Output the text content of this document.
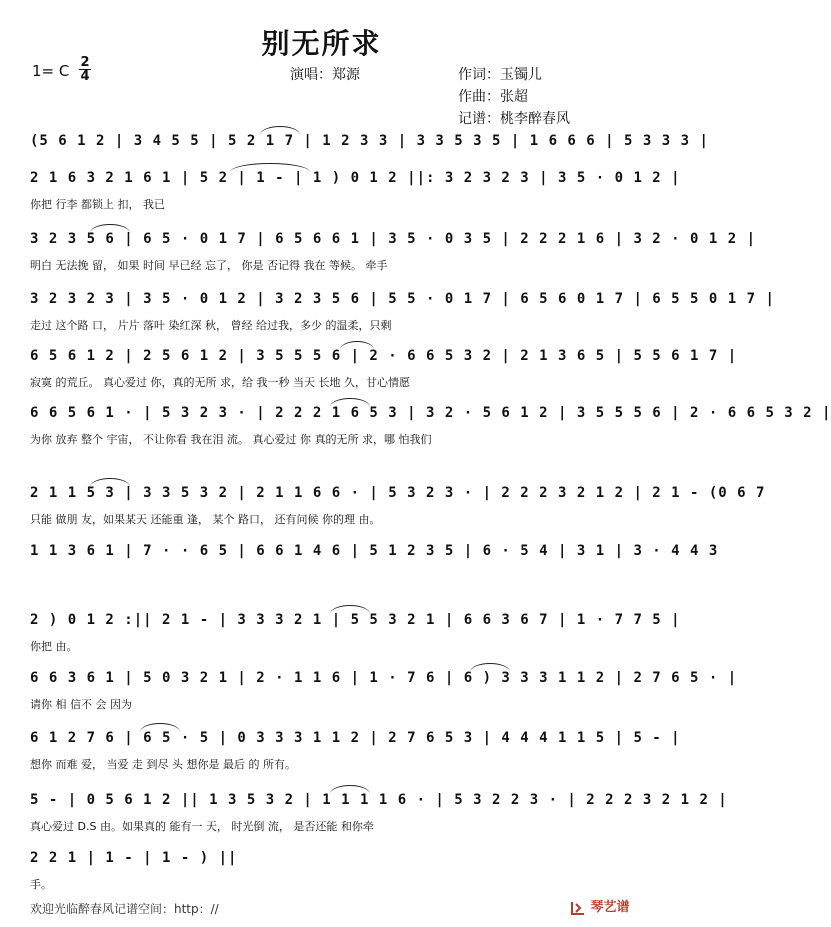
别无所求
1= C 2
4	演唱：郑源	作词：玉镯儿
作曲：张超
记谱：桃李醉春风
(5 6 1 2 | 3 4 5 5 | 5 2 1 7 | 1 2 3 3 | 3 3 5 3 5 | 1 6 6 6 | 5 3 3 3 |
2 1 6 3 2 1 6 1 | 5 2 | 1 - | 1 ) 0 1 2 ||: 3 2 3 2 3 | 3 5 · 0 1 2 |
你把 行李 都锁上 扣， 我已
3 2 3 5 6 | 6 5 · 0 1 7 | 6 5 6 6 1 | 3 5 · 0 3 5 | 2 2 2 1 6 | 3 2 · 0 1 2 |
明白 无法挽 留， 如果 时间 早已经 忘了， 你是 否记得 我在 等候。 牵手
3 2 3 2 3 | 3 5 · 0 1 2 | 3 2 3 5 6 | 5 5 · 0 1 7 | 6 5 6 0 1 7 | 6 5 5 0 1 7 |
走过 这个路 口， 片片 落叶 染红深 秋， 曾经 给过我，多少 的温柔，只剩
6 5 6 1 2 | 2 5 6 1 2 | 3 5 5 5 6 | 2 · 6 6 5 3 2 | 2 1 3 6 5 | 5 5 6 1 7 |
寂寞 的荒丘。 真心爱过 你，真的无所 求，给 我一秒 当天 长地 久，甘心情愿
6 6 5 6 1 · | 5 3 2 3 · | 2 2 2 1 6 5 3 | 3 2 · 5 6 1 2 | 3 5 5 5 6 | 2 · 6 6 5 3 2 |
为你 放弃 整个 宇宙， 不让你看 我在泪 流。 真心爱过 你 真的无所 求，哪 怕我们
2 1 1 5 3 | 3 3 5 3 2 | 2 1 1 6 6 · | 5 3 2 3 · | 2 2 2 3 2 1 2 | 2 1 - (0 6 7
只能 做朋 友，如果某天 还能重 逢， 某个 路口， 还有问候 你的理 由。
1 1 3 6 1 | 7 · · 6 5 | 6 6 1 4 6 | 5 1 2 3 5 | 6 · 5 4 | 3 1 | 3 · 4 4 3
2 ) 0 1 2 :|| 2 1 - | 3 3 3 2 1 | 5 5 3 2 1 | 6 6 3 6 7 | 1 · 7 7 5 |
你把 由。
6 6 3 6 1 | 5 0 3 2 1 | 2 · 1 1 6 | 1 · 7 6 | 6 ) 3 3 3 1 1 2 | 2 7 6 5 · |
请你 相 信不 会 因为
6 1 2 7 6 | 6 5 · 5 | 0 3 3 3 1 1 2 | 2 7 6 5 3 | 4 4 4 1 1 5 | 5 - |
想你 而难 爱， 当爱 走 到尽 头 想你是 最后 的 所有。
5 - | 0 5 6 1 2 || 1 3 5 3 2 | 1 1 1 1 6 · | 5 3 2 2 3 · | 2 2 2 3 2 1 2 |
真心爱过 D.S 由。如果真的 能有一 天， 时光倒 流， 是否还能 和你牵
2 2 1 | 1 - | 1 - ) ||
手。
欢迎光临醉春风记谱空间：http：//	琴艺谱
